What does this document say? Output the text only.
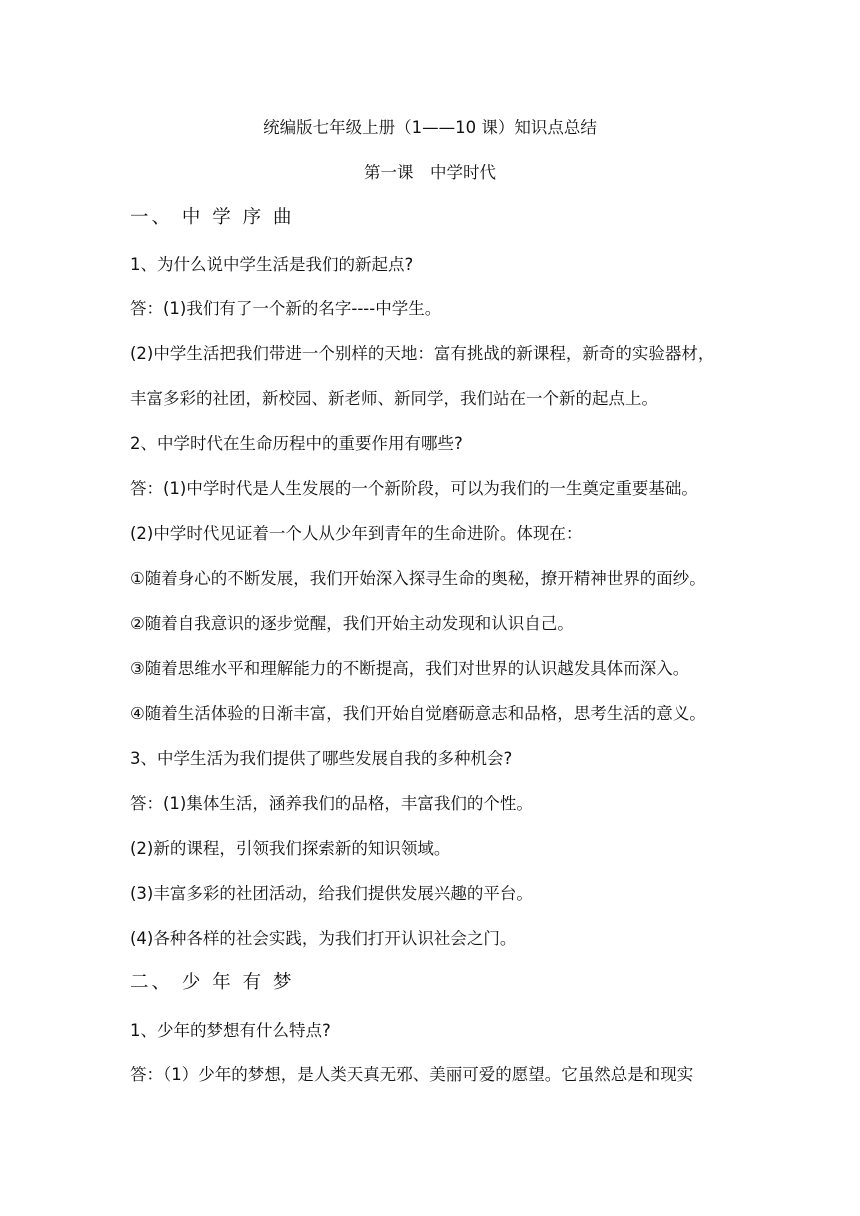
统编版七年级上册（1——10 课）知识点总结
第一课　中学时代
一、 中 学 序 曲
1、为什么说中学生活是我们的新起点?
答：(1)我们有了一个新的名字----中学生。
(2)中学生活把我们带进一个别样的天地：富有挑战的新课程，新奇的实验器材，
丰富多彩的社团，新校园、新老师、新同学，我们站在一个新的起点上。
2、中学时代在生命历程中的重要作用有哪些?
答：(1)中学时代是人生发展的一个新阶段，可以为我们的一生奠定重要基础。
(2)中学时代见证着一个人从少年到青年的生命进阶。体现在：
①随着身心的不断发展，我们开始深入探寻生命的奥秘，撩开精神世界的面纱。
②随着自我意识的逐步觉醒，我们开始主动发现和认识自己。
③随着思维水平和理解能力的不断提高，我们对世界的认识越发具体而深入。
④随着生活体验的日渐丰富，我们开始自觉磨砺意志和品格，思考生活的意义。
3、中学生活为我们提供了哪些发展自我的多种机会?
答：(1)集体生活，涵养我们的品格，丰富我们的个性。
(2)新的课程，引领我们探索新的知识领域。
(3)丰富多彩的社团活动，给我们提供发展兴趣的平台。
(4)各种各样的社会实践，为我们打开认识社会之门。
二、 少 年 有 梦
1、少年的梦想有什么特点?
答：（1）少年的梦想，是人类天真无邪、美丽可爱的愿望。它虽然总是和现实
